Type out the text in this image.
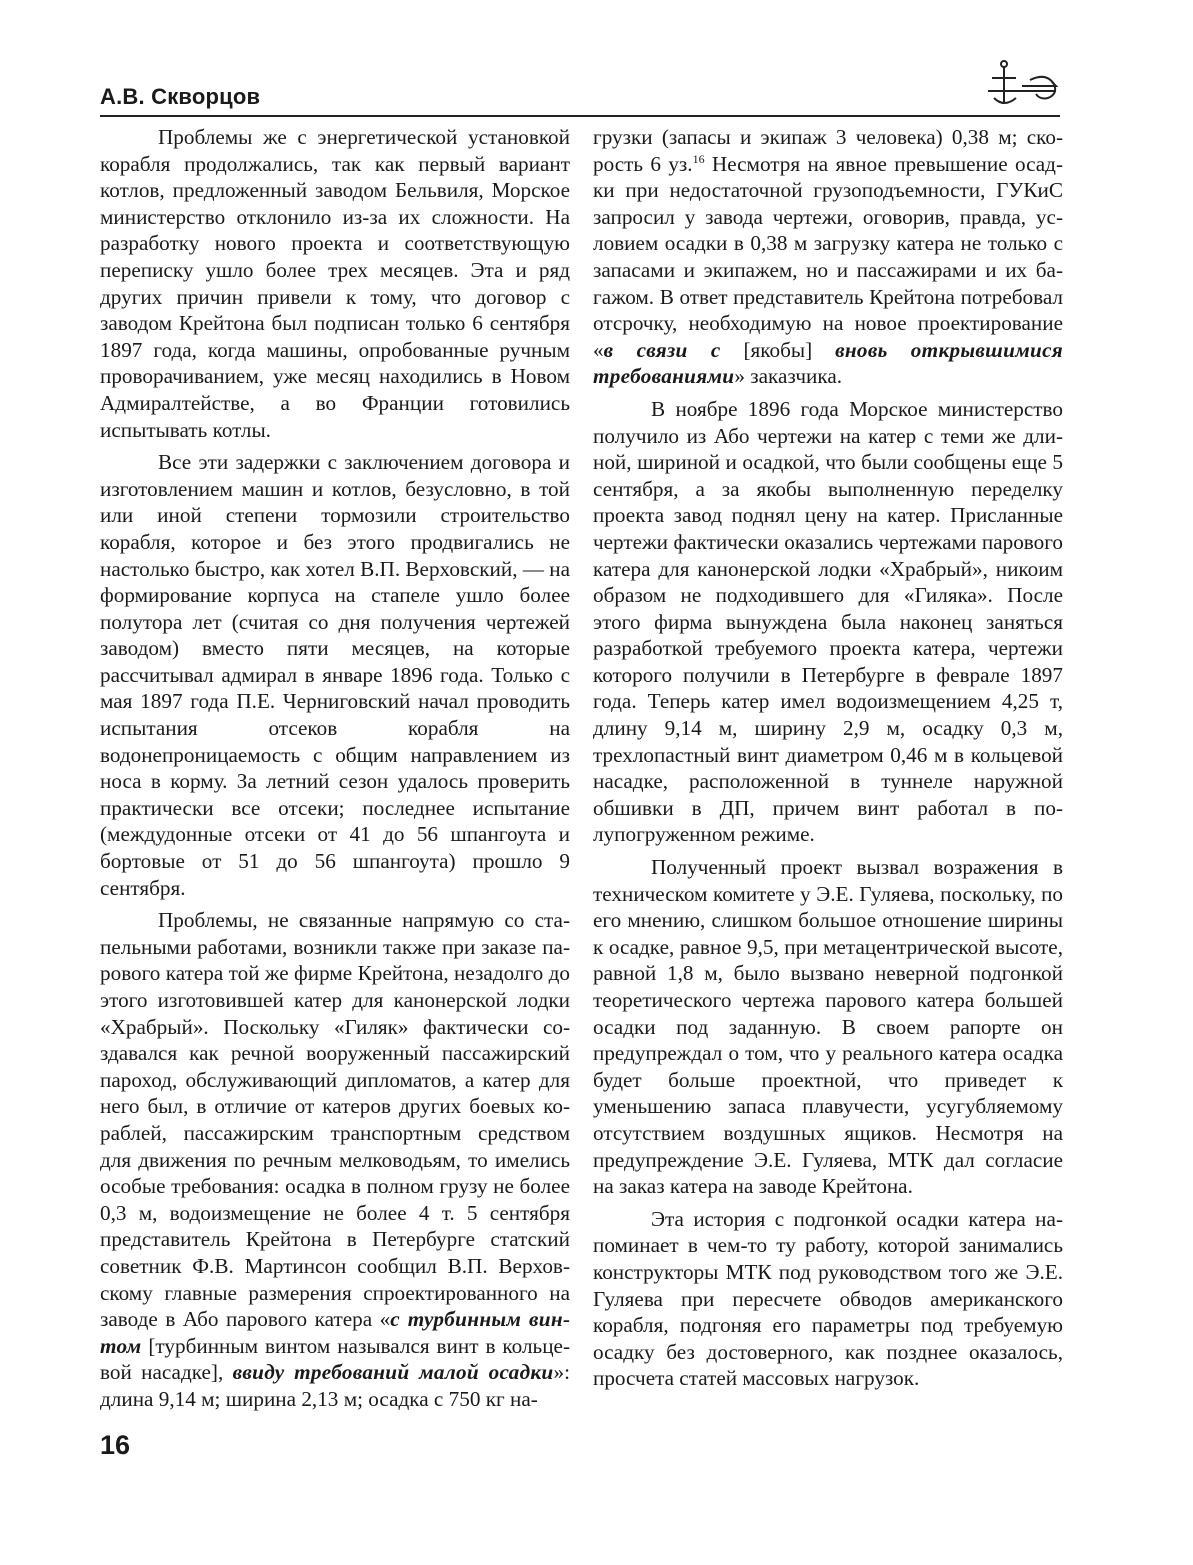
А.В. Скворцов

Проблемы же с энергетической установкой корабля продолжались, так как первый вариант котлов, предложенный заводом Бельвиля, Морское министерство отклонило из-за их сложности. На разработку нового проекта и соответствующую переписку ушло более трех месяцев. Эта и ряд других причин привели к тому, что договор с заводом Крейтона был подписан только 6 сентября 1897 года, когда машины, опробованные ручным проворачиванием, уже месяц находились в Новом Адмиралтействе, а во Франции готовились испытывать котлы.

Все эти задержки с заключением договора и изготовлением машин и котлов, безусловно, в той или иной степени тормозили строительство корабля, которое и без этого продвигались не настолько быстро, как хотел В.П. Верховский, — на формирование корпуса на стапеле ушло более полутора лет (считая со дня получения чертежей заводом) вместо пяти месяцев, на которые рассчитывал адмирал в январе 1896 года. Только с мая 1897 года П.Е. Черниговский начал проводить испытания отсеков корабля на водонепроницаемость с общим направлением из носа в корму. За летний сезон удалось проверить практически все отсеки; последнее испытание (междудонные отсеки от 41 до 56 шпангоута и бортовые от 51 до 56 шпангоута) прошло 9 сентября.

Проблемы, не связанные напрямую со стапельными работами, возникли также при заказе парового катера той же фирме Крейтона, незадолго до этого изготовившей катер для канонерской лодки «Храбрый». Поскольку «Гиляк» фактически создавался как речной вооруженный пассажирский пароход, обслуживающий дипломатов, а катер для него был, в отличие от катеров других боевых кораблей, пассажирским транспортным средством для движения по речным мелководьям, то имелись особые требования: осадка в полном грузу не более 0,3 м, водоизмещение не более 4 т. 5 сентября представитель Крейтона в Петербурге статский советник Ф.В. Мартинсон сообщил В.П. Верховскому главные размерения спроектированного на заводе в Або парового катера «с турбинным винтом [турбинным винтом назывался винт в кольцевой насадке], ввиду требований малой осадки»: длина 9,14 м; ширина 2,13 м; осадка с 750 кг на-

грузки (запасы и экипаж 3 человека) 0,38 м; скорость 6 уз.$^{16}$ Несмотря на явное превышение осадки при недостаточной грузоподъемности, ГУКиС запросил у завода чертежи, оговорив, правда, условием осадки в 0,38 м загрузку катера не только с запасами и экипажем, но и пассажирами и их багажом. В ответ представитель Крейтона потребовал отсрочку, необходимую на новое проектирование «в связи с [якобы] вновь открывшимися требованиями» заказчика.

В ноябре 1896 года Морское министерство получило из Або чертежи на катер с теми же длиной, шириной и осадкой, что были сообщены еще 5 сентября, а за якобы выполненную переделку проекта завод поднял цену на катер. Присланные чертежи фактически оказались чертежами парового катера для канонерской лодки «Храбрый», никоим образом не подходившего для «Гиляка». После этого фирма вынуждена была наконец заняться разработкой требуемого проекта катера, чертежи которого получили в Петербурге в феврале 1897 года. Теперь катер имел водоизмещением 4,25 т, длину 9,14 м, ширину 2,9 м, осадку 0,3 м, трехлопастный винт диаметром 0,46 м в кольцевой насадке, расположенной в туннеле наружной обшивки в ДП, причем винт работал в полупогруженном режиме.

Полученный проект вызвал возражения в техническом комитете у Э.Е. Гуляева, поскольку, по его мнению, слишком большое отношение ширины к осадке, равное 9,5, при метацентрической высоте, равной 1,8 м, было вызвано неверной подгонкой теоретического чертежа парового катера большей осадки под заданную. В своем рапорте он предупреждал о том, что у реального катера осадка будет больше проектной, что приведет к уменьшению запаса плавучести, усугубляемому отсутствием воздушных ящиков. Несмотря на предупреждение Э.Е. Гуляева, МТК дал согласие на заказ катера на заводе Крейтона.

Эта история с подгонкой осадки катера напоминает в чем-то ту работу, которой занимались конструкторы МТК под руководством того же Э.Е. Гуляева при пересчете обводов американского корабля, подгоняя его параметры под требуемую осадку без достоверного, как позднее оказалось, просчета статей массовых нагрузок.

16
